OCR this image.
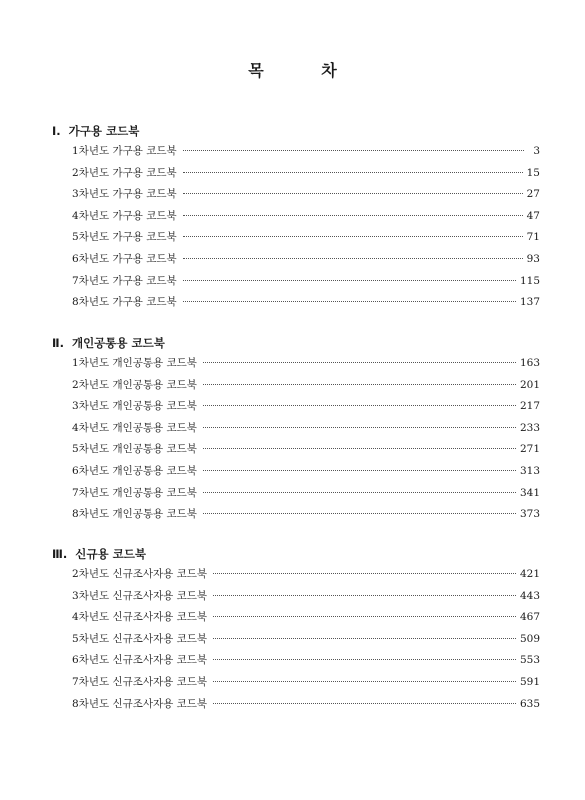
목 차
Ⅰ. 가구용 코드북
1차년도 가구용 코드북	3
2차년도 가구용 코드북	15
3차년도 가구용 코드북	27
4차년도 가구용 코드북	47
5차년도 가구용 코드북	71
6차년도 가구용 코드북	93
7차년도 가구용 코드북	115
8차년도 가구용 코드북	137
Ⅱ. 개인공통용 코드북
1차년도 개인공통용 코드북	163
2차년도 개인공통용 코드북	201
3차년도 개인공통용 코드북	217
4차년도 개인공통용 코드북	233
5차년도 개인공통용 코드북	271
6차년도 개인공통용 코드북	313
7차년도 개인공통용 코드북	341
8차년도 개인공통용 코드북	373
Ⅲ. 신규용 코드북
2차년도 신규조사자용 코드북	421
3차년도 신규조사자용 코드북	443
4차년도 신규조사자용 코드북	467
5차년도 신규조사자용 코드북	509
6차년도 신규조사자용 코드북	553
7차년도 신규조사자용 코드북	591
8차년도 신규조사자용 코드북	635
